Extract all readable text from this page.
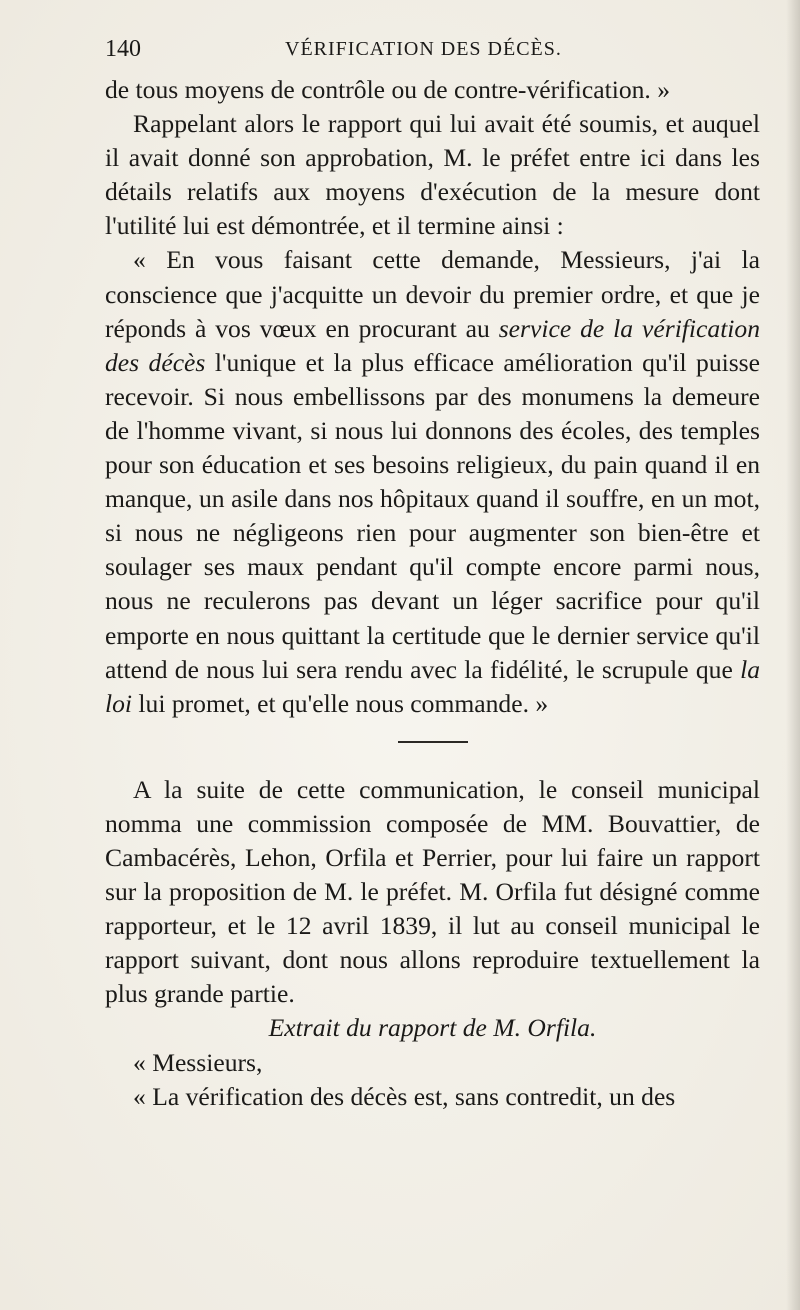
140	VÉRIFICATION DES DÉCÈS.

de tous moyens de contrôle ou de contre-vérification. »

Rappelant alors le rapport qui lui avait été soumis, et auquel il avait donné son approbation, M. le préfet entre ici dans les détails relatifs aux moyens d'exécution de la mesure dont l'utilité lui est démontrée, et il termine ainsi :

« En vous faisant cette demande, Messieurs, j'ai la conscience que j'acquitte un devoir du premier ordre, et que je réponds à vos vœux en procurant au service de la vérification des décès l'unique et la plus efficace amélioration qu'il puisse recevoir. Si nous embellissons par des monumens la demeure de l'homme vivant, si nous lui donnons des écoles, des temples pour son éducation et ses besoins religieux, du pain quand il en manque, un asile dans nos hôpitaux quand il souffre, en un mot, si nous ne négligeons rien pour augmenter son bien-être et soulager ses maux pendant qu'il compte encore parmi nous, nous ne reculerons pas devant un léger sacrifice pour qu'il emporte en nous quittant la certitude que le dernier service qu'il attend de nous lui sera rendu avec la fidélité, le scrupule que la loi lui promet, et qu'elle nous commande. »

A la suite de cette communication, le conseil municipal nomma une commission composée de MM. Bouvattier, de Cambacérès, Lehon, Orfila et Perrier, pour lui faire un rapport sur la proposition de M. le préfet. M. Orfila fut désigné comme rapporteur, et le 12 avril 1839, il lut au conseil municipal le rapport suivant, dont nous allons reproduire textuellement la plus grande partie.

Extrait du rapport de M. Orfila.

« Messieurs,

« La vérification des décès est, sans contredit, un des
